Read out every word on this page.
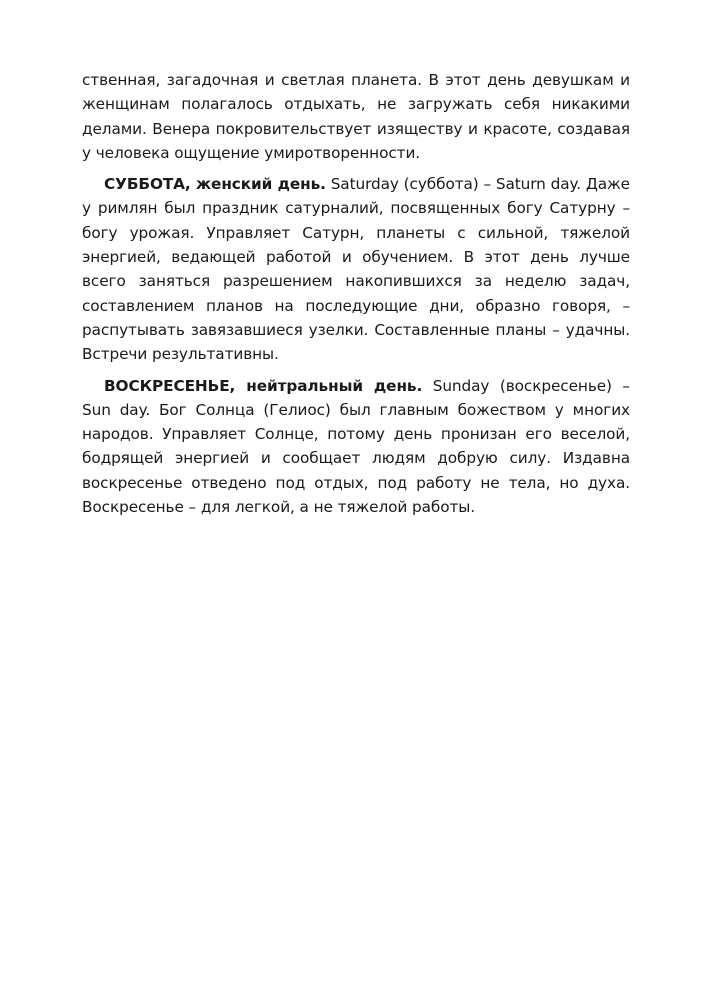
ственная, загадочная и светлая планета. В этот день девушкам и женщинам полагалось отдыхать, не загружать себя никакими делами. Венера покровительствует изяществу и красоте, создавая у человека ощущение умиротворенности.

СУББОТА, женский день. Saturday (суббота) – Saturn day. Даже у римлян был праздник сатурналий, посвященных богу Сатурну – богу урожая. Управляет Сатурн, планеты с сильной, тяжелой энергией, ведающей работой и обучением. В этот день лучше всего заняться разрешением накопившихся за неделю задач, составлением планов на последующие дни, образно говоря, – распутывать завязавшиеся узелки. Составленные планы – удачны. Встречи результативны.

ВОСКРЕСЕНЬЕ, нейтральный день. Sunday (воскресенье) – Sun day. Бог Солнца (Гелиос) был главным божеством у многих народов. Управляет Солнце, потому день пронизан его веселой, бодрящей энергией и сообщает людям добрую силу. Издавна воскресенье отведено под отдых, под работу не тела, но духа. Воскресенье – для легкой, а не тяжелой работы.
